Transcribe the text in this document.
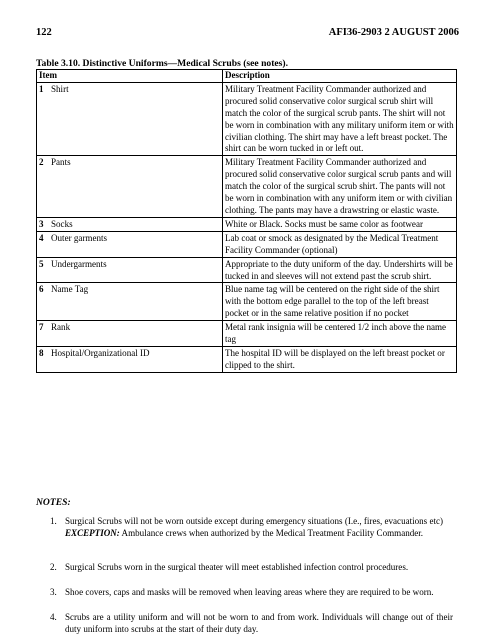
122	AFI36-2903 2 AUGUST 2006
Table 3.10. Distinctive Uniforms—Medical Scrubs (see notes).
Item	Description
1 Shirt	Military Treatment Facility Commander authorized and procured solid conservative color surgical scrub shirt will match the color of the surgical scrub pants. The shirt will not be worn in combination with any military uniform item or with civilian clothing. The shirt may have a left breast pocket. The shirt can be worn tucked in or left out.
2 Pants	Military Treatment Facility Commander authorized and procured solid conservative color surgical scrub pants and will match the color of the surgical scrub shirt. The pants will not be worn in combination with any uniform item or with civilian clothing. The pants may have a drawstring or elastic waste.
3 Socks	White or Black. Socks must be same color as footwear
4 Outer garments	Lab coat or smock as designated by the Medical Treatment Facility Commander (optional)
5 Undergarments	Appropriate to the duty uniform of the day. Undershirts will be tucked in and sleeves will not extend past the scrub shirt.
6 Name Tag	Blue name tag will be centered on the right side of the shirt with the bottom edge parallel to the top of the left breast pocket or in the same relative position if no pocket
7 Rank	Metal rank insignia will be centered 1/2 inch above the name tag
8 Hospital/Organizational ID	The hospital ID will be displayed on the left breast pocket or clipped to the shirt.
NOTES:
1. Surgical Scrubs will not be worn outside except during emergency situations (I.e., fires, evacuations etc)
EXCEPTION: Ambulance crews when authorized by the Medical Treatment Facility Commander.
2. Surgical Scrubs worn in the surgical theater will meet established infection control procedures.
3. Shoe covers, caps and masks will be removed when leaving areas where they are required to be worn.
4. Scrubs are a utility uniform and will not be worn to and from work. Individuals will change out of their duty uniform into scrubs at the start of their duty day.
